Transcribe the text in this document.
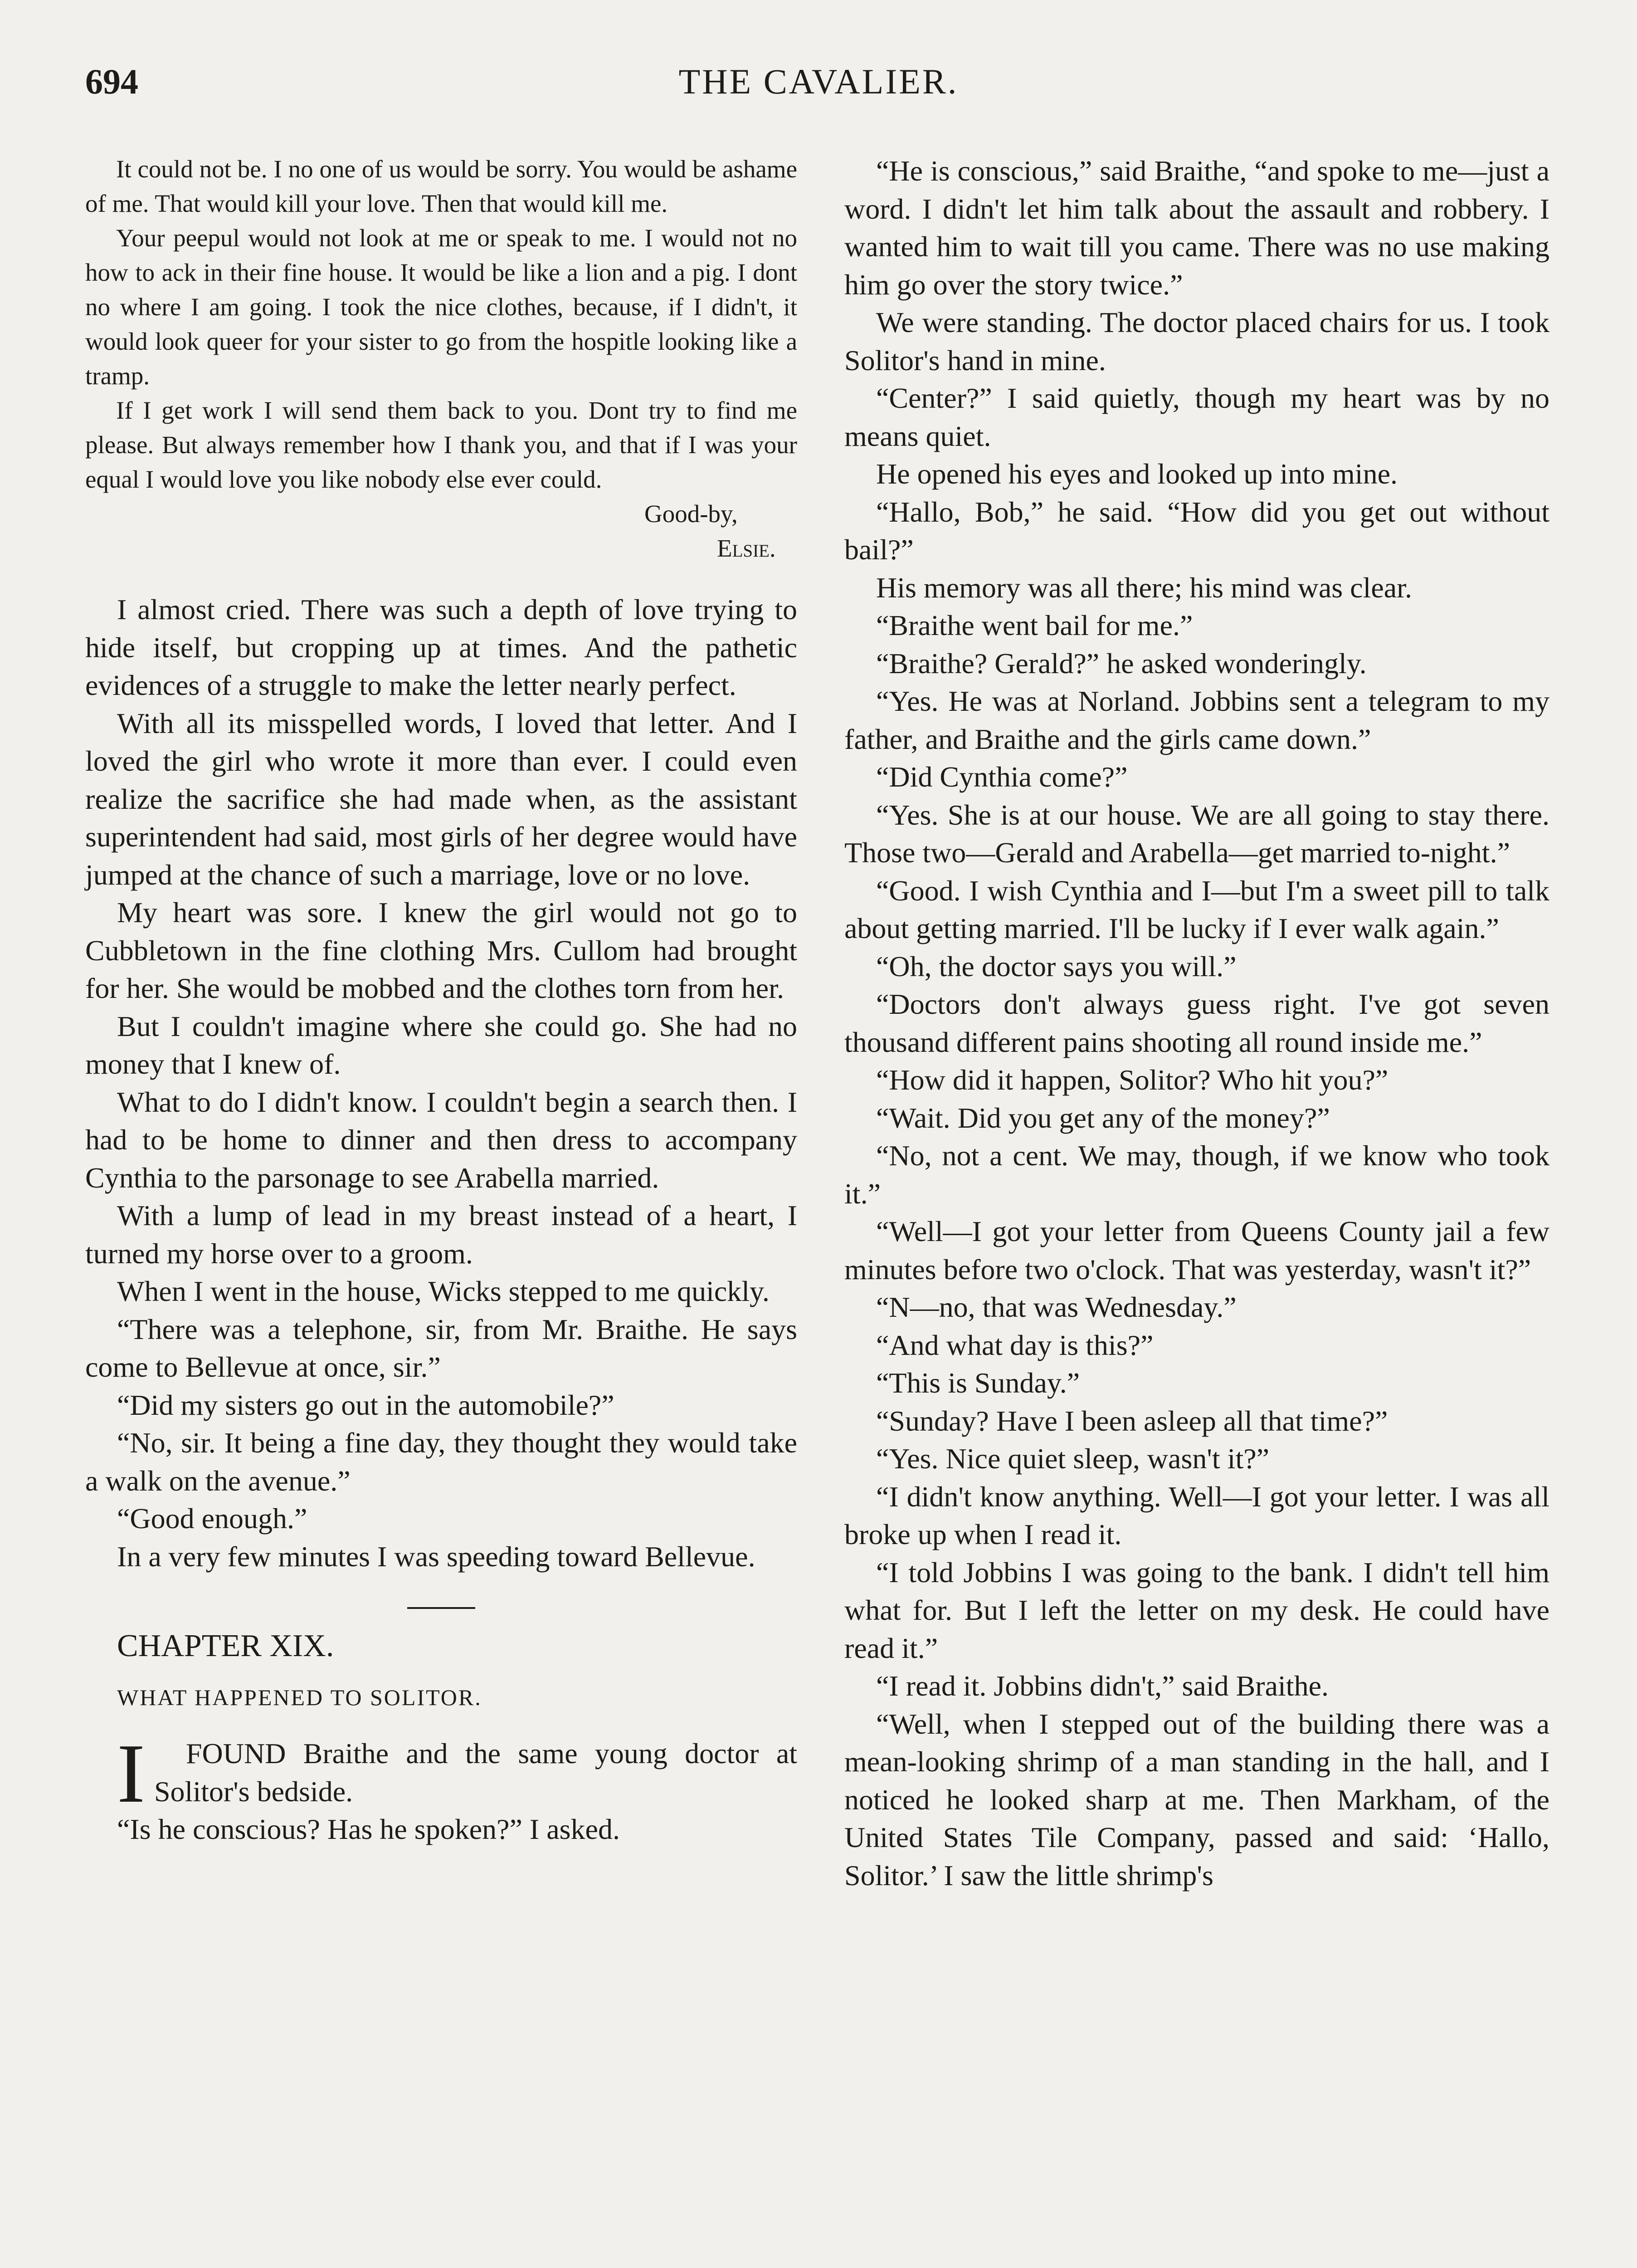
694	THE CAVALIER.

It could not be. I no one of us would be sorry. You would be ashame of me. That would kill your love. Then that would kill me.

Your peepul would not look at me or speak to me. I would not no how to ack in their fine house. It would be like a lion and a pig. I dont no where I am going. I took the nice clothes, because, if I didn't, it would look queer for your sister to go from the hospitle looking like a tramp.

If I get work I will send them back to you. Dont try to find me please. But always remember how I thank you, and that if I was your equal I would love you like nobody else ever could.

Good-by,

Elsie.

I almost cried. There was such a depth of love trying to hide itself, but cropping up at times. And the pathetic evidences of a struggle to make the letter nearly perfect.

With all its misspelled words, I loved that letter. And I loved the girl who wrote it more than ever. I could even realize the sacrifice she had made when, as the assistant superintendent had said, most girls of her degree would have jumped at the chance of such a marriage, love or no love.

My heart was sore. I knew the girl would not go to Cubbletown in the fine clothing Mrs. Cullom had brought for her. She would be mobbed and the clothes torn from her.

But I couldn't imagine where she could go. She had no money that I knew of.

What to do I didn't know. I couldn't begin a search then. I had to be home to dinner and then dress to accompany Cynthia to the parsonage to see Arabella married.

With a lump of lead in my breast instead of a heart, I turned my horse over to a groom.

When I went in the house, Wicks stepped to me quickly.

“There was a telephone, sir, from Mr. Braithe. He says come to Bellevue at once, sir.”

“Did my sisters go out in the automobile?”

“No, sir. It being a fine day, they thought they would take a walk on the avenue.”

“Good enough.”

In a very few minutes I was speeding toward Bellevue.

CHAPTER XIX.

WHAT HAPPENED TO SOLITOR.

I FOUND Braithe and the same young doctor at Solitor's bedside.

“Is he conscious? Has he spoken?” I asked.

“He is conscious,” said Braithe, “and spoke to me—just a word. I didn't let him talk about the assault and robbery. I wanted him to wait till you came. There was no use making him go over the story twice.”

We were standing. The doctor placed chairs for us. I took Solitor's hand in mine.

“Center?” I said quietly, though my heart was by no means quiet.

He opened his eyes and looked up into mine.

“Hallo, Bob,” he said. “How did you get out without bail?”

His memory was all there; his mind was clear.

“Braithe went bail for me.”

“Braithe? Gerald?” he asked wonderingly.

“Yes. He was at Norland. Jobbins sent a telegram to my father, and Braithe and the girls came down.”

“Did Cynthia come?”

“Yes. She is at our house. We are all going to stay there. Those two—Gerald and Arabella—get married to-night.”

“Good. I wish Cynthia and I—but I'm a sweet pill to talk about getting married. I'll be lucky if I ever walk again.”

“Oh, the doctor says you will.”

“Doctors don't always guess right. I've got seven thousand different pains shooting all round inside me.”

“How did it happen, Solitor? Who hit you?”

“Wait. Did you get any of the money?”

“No, not a cent. We may, though, if we know who took it.”

“Well—I got your letter from Queens County jail a few minutes before two o'clock. That was yesterday, wasn't it?”

“N—no, that was Wednesday.”

“And what day is this?”

“This is Sunday.”

“Sunday? Have I been asleep all that time?”

“Yes. Nice quiet sleep, wasn't it?”

“I didn't know anything. Well—I got your letter. I was all broke up when I read it.

“I told Jobbins I was going to the bank. I didn't tell him what for. But I left the letter on my desk. He could have read it.”

“I read it. Jobbins didn't,” said Braithe.

“Well, when I stepped out of the building there was a mean-looking shrimp of a man standing in the hall, and I noticed he looked sharp at me. Then Markham, of the United States Tile Company, passed and said: ‘Hallo, Solitor.’ I saw the little shrimp's
